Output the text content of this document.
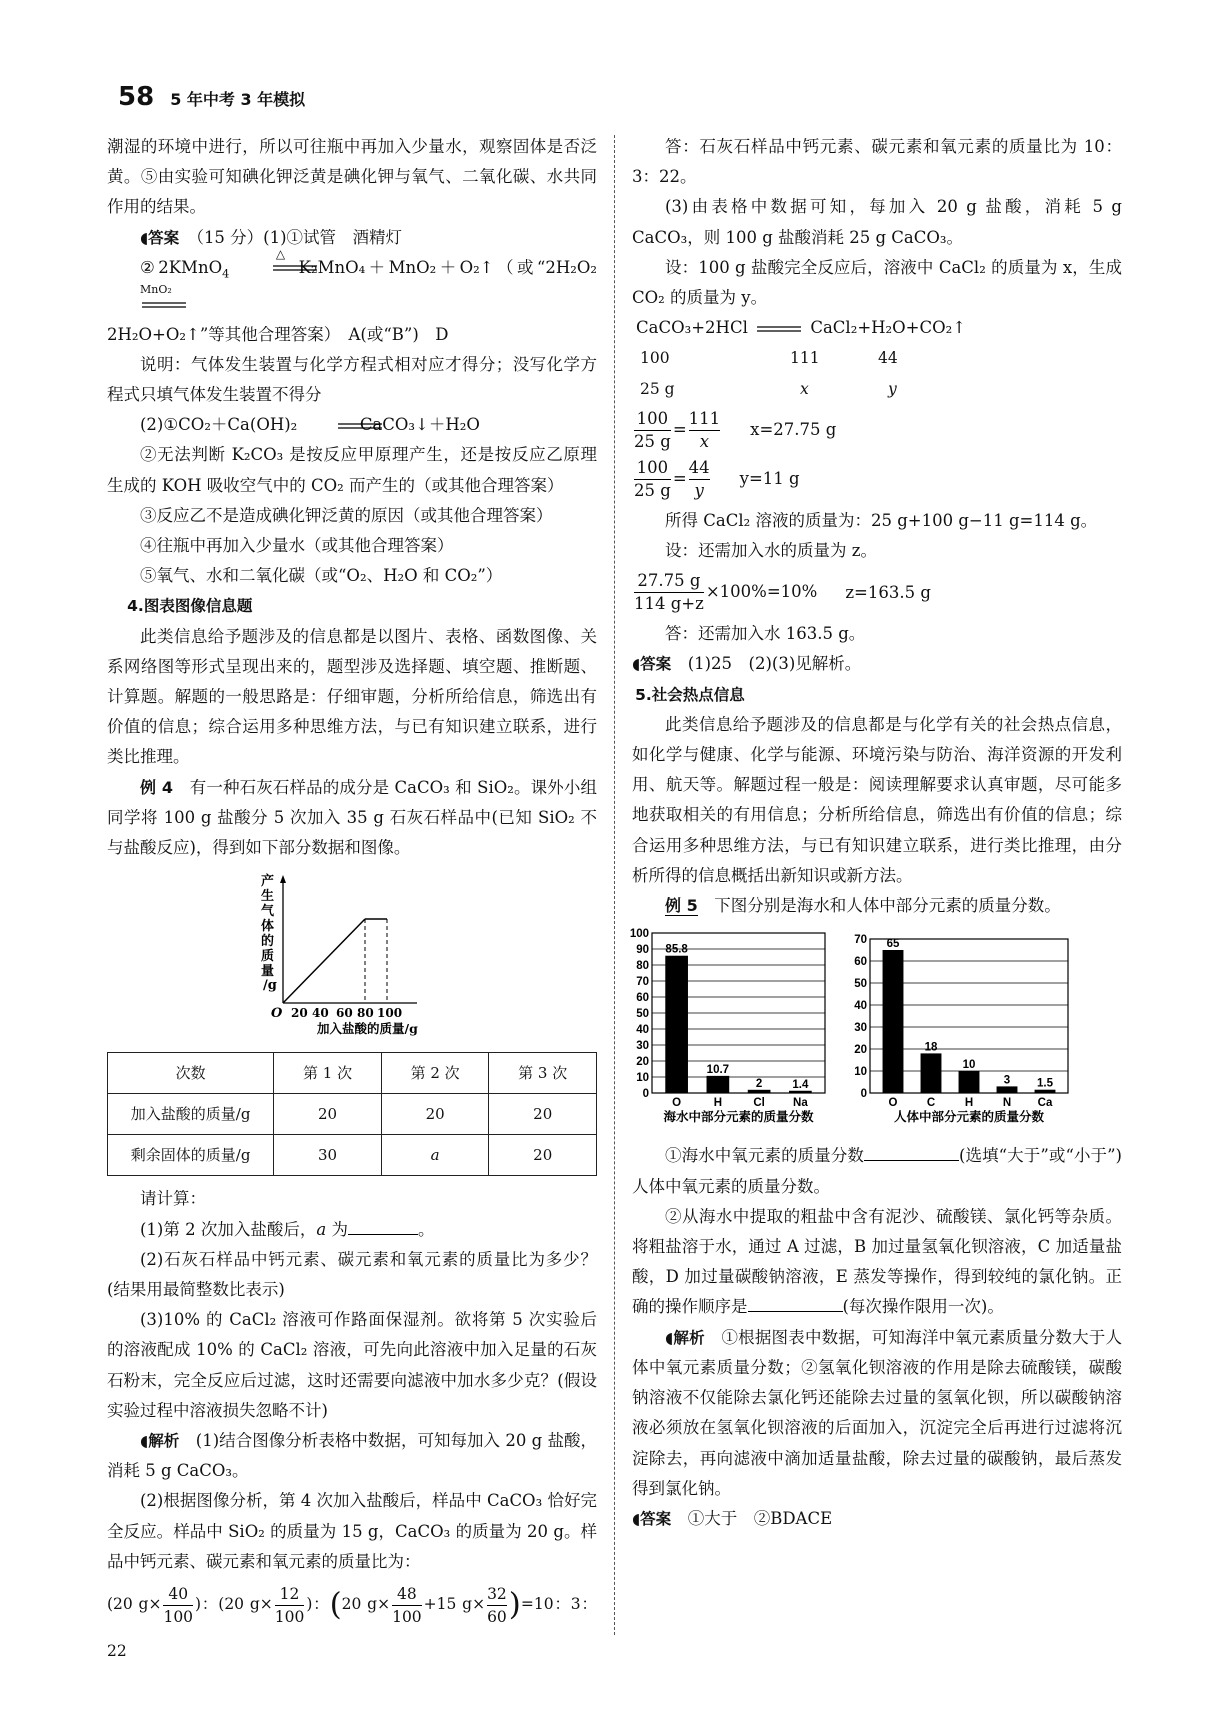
58 5 年中考 3 年模拟

潮湿的环境中进行，所以可往瓶中再加入少量水，观察固体是否泛黄。⑤由实验可知碘化钾泛黄是碘化钾与氧气、二氧化碳、水共同作用的结果。

◖ 答案　 （15 分）(1)①试管　酒精灯

②2KMnO$_4$
△
K₂MnO₄＋MnO₂＋O₂↑（或“2H₂O₂
MnO₂

2H₂O+O₂↑”等其他合理答案）　A(或“B”)　D

说明：气体发生装置与化学方程式相对应才得分；没写化学方程式只填气体发生装置不得分

(2)①CO₂＋Ca(OH)₂	CaCO₃↓＋H₂O

②无法判断 K₂CO₃ 是按反应甲原理产生，还是按反应乙原理生成的 KOH 吸收空气中的 CO₂ 而产生的（或其他合理答案）

③反应乙不是造成碘化钾泛黄的原因（或其他合理答案）

④往瓶中再加入少量水（或其他合理答案）

⑤氧气、水和二氧化碳（或“O₂、H₂O 和 CO₂”）

4.图表图像信息题

此类信息给予题涉及的信息都是以图片、表格、函数图像、关系网络图等形式呈现出来的，题型涉及选择题、填空题、推断题、计算题。解题的一般思路是：仔细审题，分析所给信息，筛选出有价值的信息；综合运用多种思维方法，与已有知识建立联系，进行类比推理。

例 4　 有一种石灰石样品的成分是 CaCO₃ 和 SiO₂。课外小组同学将 100 g 盐酸分 5 次加入 35 g 石灰石样品中(已知 SiO₂ 不与盐酸反应)，得到如下部分数据和图像。

产
生
气
体
的
质
量
/g
O 20 40 60 80 100
加入盐酸的质量/g
次数	第 1 次	第 2 次	第 3 次
加入盐酸的质量/g	20	20	20
剩余固体的质量/g	30	a	20

请计算：

(1)第 2 次加入盐酸后，a 为	。

(2)石灰石样品中钙元素、碳元素和氧元素的质量比为多少？(结果用最简整数比表示)

(3)10% 的 CaCl₂ 溶液可作路面保湿剂。欲将第 5 次实验后的溶液配成 10% 的 CaCl₂ 溶液，可先向此溶液中加入足量的石灰石粉末，完全反应后过滤，这时还需要向滤液中加水多少克？(假设实验过程中溶液损失忽略不计)

◖ 解析　 (1)结合图像分析表格中数据，可知每加入 20 g 盐酸，消耗 5 g CaCO₃。

(2)根据图像分析，第 4 次加入盐酸后，样品中 CaCO₃ 恰好完全反应。样品中 SiO₂ 的质量为 15 g，CaCO₃ 的质量为 20 g。样品中钙元素、碳元素和氧元素的质量比为：

(20 $g\times \frac{40}{100}$ )：(20 $g\times \frac{12}{100}$ )：(20 $g\times \frac{48}{100} +15$ $g\times \frac{32}{60} )=10$：3：22

答：石灰石样品中钙元素、碳元素和氧元素的质量比为 10：3：22。

(3)由表格中数据可知，每加入 20 g 盐酸，消耗 5 g CaCO₃，则 100 g 盐酸消耗 25 g CaCO₃。

设：100 g 盐酸完全反应后，溶液中 CaCl₂ 的质量为 x，生成 CO₂ 的质量为 y。

CaCO₃+2HCl	CaCl₂+H₂O+CO₂↑

100	111	44
25 g	x	y
$\frac{100}{25 g} = \frac{111}{x} x=27.75$ g
$\frac{100}{25 g} = \frac{44}{y} y=11$ g

所得 CaCl₂ 溶液的质量为：25 g+100 g−11 g=114 g。

设：还需加入水的质量为 z。

$\frac{27.75 g}{114 g+z} \times 100\%=10\%$ z=163.5 g

答：还需加入水 163.5 g。

◖ 答案　 (1)25　(2)(3)见解析。

5.社会热点信息

此类信息给予题涉及的信息都是与化学有关的社会热点信息，如化学与健康、化学与能源、环境污染与防治、海洋资源的开发利用、航天等。解题过程一般是：阅读理解要求认真审题，尽可能多地获取相关的有用信息；分析所给信息，筛选出有价值的信息；综合运用多种思维方法，与已有知识建立联系，进行类比推理，由分析所得的信息概括出新知识或新方法。

例 5　 下图分别是海水和人体中部分元素的质量分数。

0
10
20
30
40
50
60
70
80
90
100
85.8
O
10.7
H
2
Cl
1.4
Na
海水中部分元素的质量分数
0
10
20
30
40
50
60
70 65
O
18
C
10
H
3
N
1.5
Ca
人体中部分元素的质量分数

①海水中氧元素的质量分数	(选填“大于”或“小于”)人体中氧元素的质量分数。

②从海水中提取的粗盐中含有泥沙、硫酸镁、氯化钙等杂质。将粗盐溶于水，通过 A 过滤，B 加过量氢氧化钡溶液，C 加适量盐酸，D 加过量碳酸钠溶液，E 蒸发等操作，得到较纯的氯化钠。正确的操作顺序是	(每次操作限用一次)。

◖ 解析　 ①根据图表中数据，可知海洋中氧元素质量分数大于人体中氧元素质量分数；②氢氧化钡溶液的作用是除去硫酸镁，碳酸钠溶液不仅能除去氯化钙还能除去过量的氢氧化钡，所以碳酸钠溶液必须放在氢氧化钡溶液的后面加入，沉淀完全后再进行过滤将沉淀除去，再向滤液中滴加适量盐酸，除去过量的碳酸钠，最后蒸发得到氯化钠。

◖ 答案　 ①大于　②BDACE
